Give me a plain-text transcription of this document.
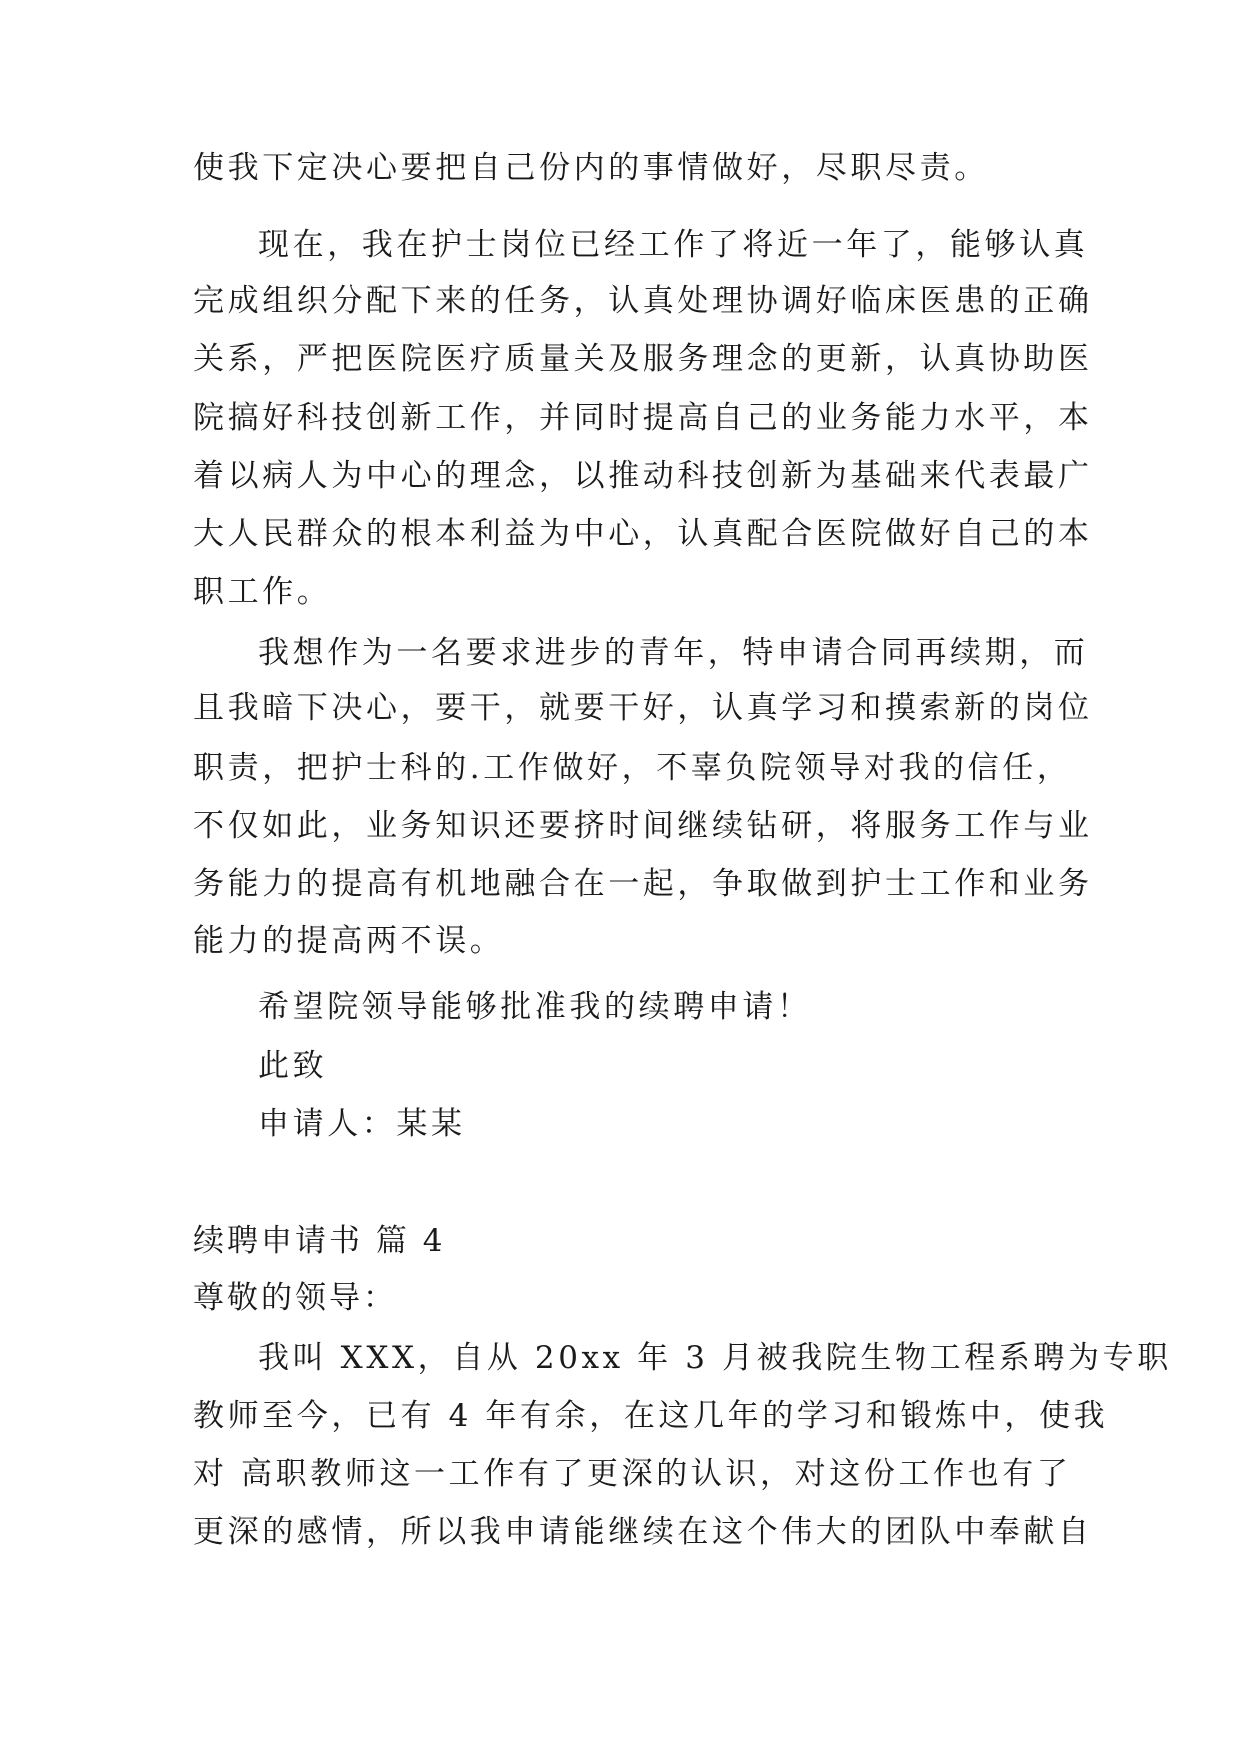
使我下定决心要把自己份内的事情做好，尽职尽责。
现在，我在护士岗位已经工作了将近一年了，能够认真
完成组织分配下来的任务，认真处理协调好临床医患的正确
关系，严把医院医疗质量关及服务理念的更新，认真协助医
院搞好科技创新工作，并同时提高自己的业务能力水平，本
着以病人为中心的理念，以推动科技创新为基础来代表最广
大人民群众的根本利益为中心，认真配合医院做好自己的本
职工作。
我想作为一名要求进步的青年，特申请合同再续期，而
且我暗下决心，要干，就要干好，认真学习和摸索新的岗位
职责，把护士科的.工作做好，不辜负院领导对我的信任，
不仅如此，业务知识还要挤时间继续钻研，将服务工作与业
务能力的提高有机地融合在一起，争取做到护士工作和业务
能力的提高两不误。
希望院领导能够批准我的续聘申请！
此致
申请人：某某
续聘申请书 篇 4
尊敬的领导：
我叫 XXX，自从 20xx 年 3 月被我院生物工程系聘为专职
教师至今，已有 4 年有余，在这几年的学习和锻炼中，使我
对 高职教师这一工作有了更深的认识，对这份工作也有了
更深的感情，所以我申请能继续在这个伟大的团队中奉献自
